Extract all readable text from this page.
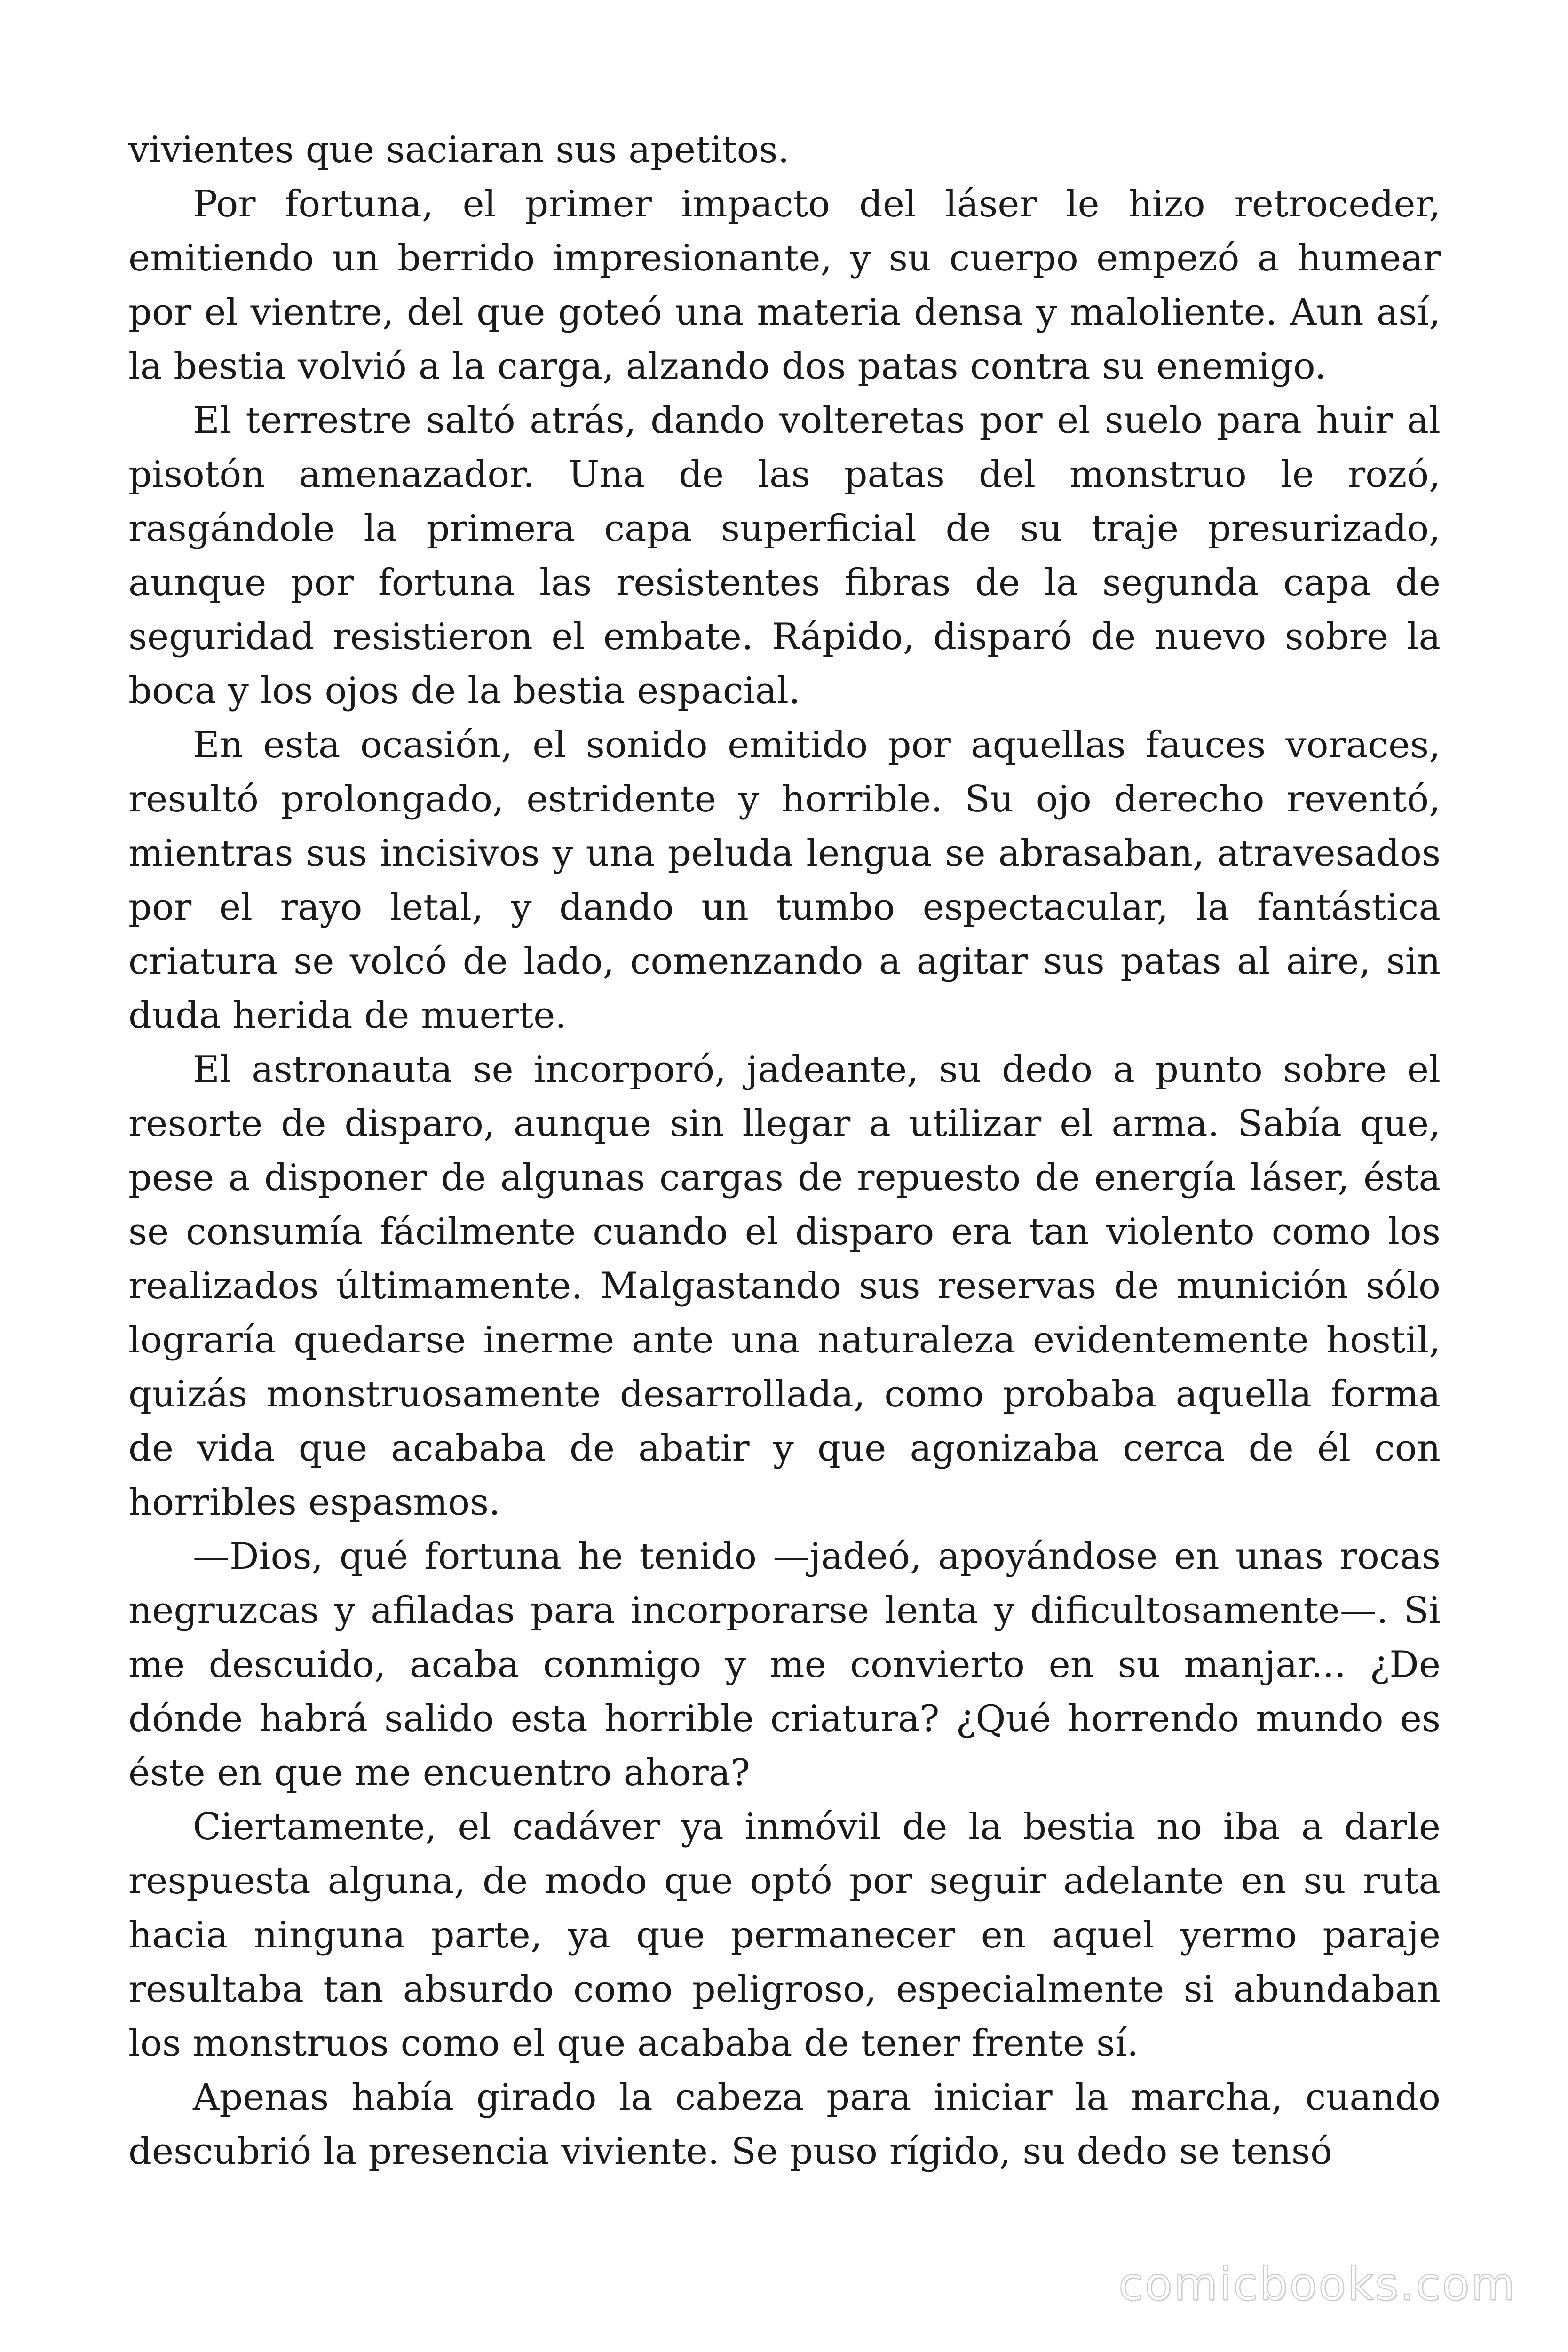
vivientes que saciaran sus apetitos.

Por fortuna, el primer impacto del láser le hizo retroceder, emitiendo un berrido impresionante, y su cuerpo empezó a humear por el vientre, del que goteó una materia densa y maloliente. Aun así, la bestia volvió a la carga, alzando dos patas contra su enemigo.

El terrestre saltó atrás, dando volteretas por el suelo para huir al pisotón amenazador. Una de las patas del monstruo le rozó, rasgándole la primera capa superficial de su traje presurizado, aunque por fortuna las resistentes fibras de la segunda capa de seguridad resistieron el embate. Rápido, disparó de nuevo sobre la boca y los ojos de la bestia espacial.

En esta ocasión, el sonido emitido por aquellas fauces voraces, resultó prolongado, estridente y horrible. Su ojo derecho reventó, mientras sus incisivos y una peluda lengua se abrasaban, atravesados por el rayo letal, y dando un tumbo espectacular, la fantástica criatura se volcó de lado, comenzando a agitar sus patas al aire, sin duda herida de muerte.

El astronauta se incorporó, jadeante, su dedo a punto sobre el resorte de disparo, aunque sin llegar a utilizar el arma. Sabía que, pese a disponer de algunas cargas de repuesto de energía láser, ésta se consumía fácilmente cuando el disparo era tan violento como los realizados últimamente. Malgastando sus reservas de munición sólo lograría quedarse inerme ante una naturaleza evidentemente hostil, quizás monstruosamente desarrollada, como probaba aquella forma de vida que acababa de abatir y que agonizaba cerca de él con horribles espasmos.

—Dios, qué fortuna he tenido —jadeó, apoyándose en unas rocas negruzcas y afiladas para incorporarse lenta y dificultosamente—. Si me descuido, acaba conmigo y me convierto en su manjar... ¿De dónde habrá salido esta horrible criatura? ¿Qué horrendo mundo es éste en que me encuentro ahora?

Ciertamente, el cadáver ya inmóvil de la bestia no iba a darle respuesta alguna, de modo que optó por seguir adelante en su ruta hacia ninguna parte, ya que permanecer en aquel yermo paraje resultaba tan absurdo como peligroso, especialmente si abundaban los monstruos como el que acababa de tener frente sí.

Apenas había girado la cabeza para iniciar la marcha, cuando descubrió la presencia viviente. Se puso rígido, su dedo se tensó

comicbooks.com
